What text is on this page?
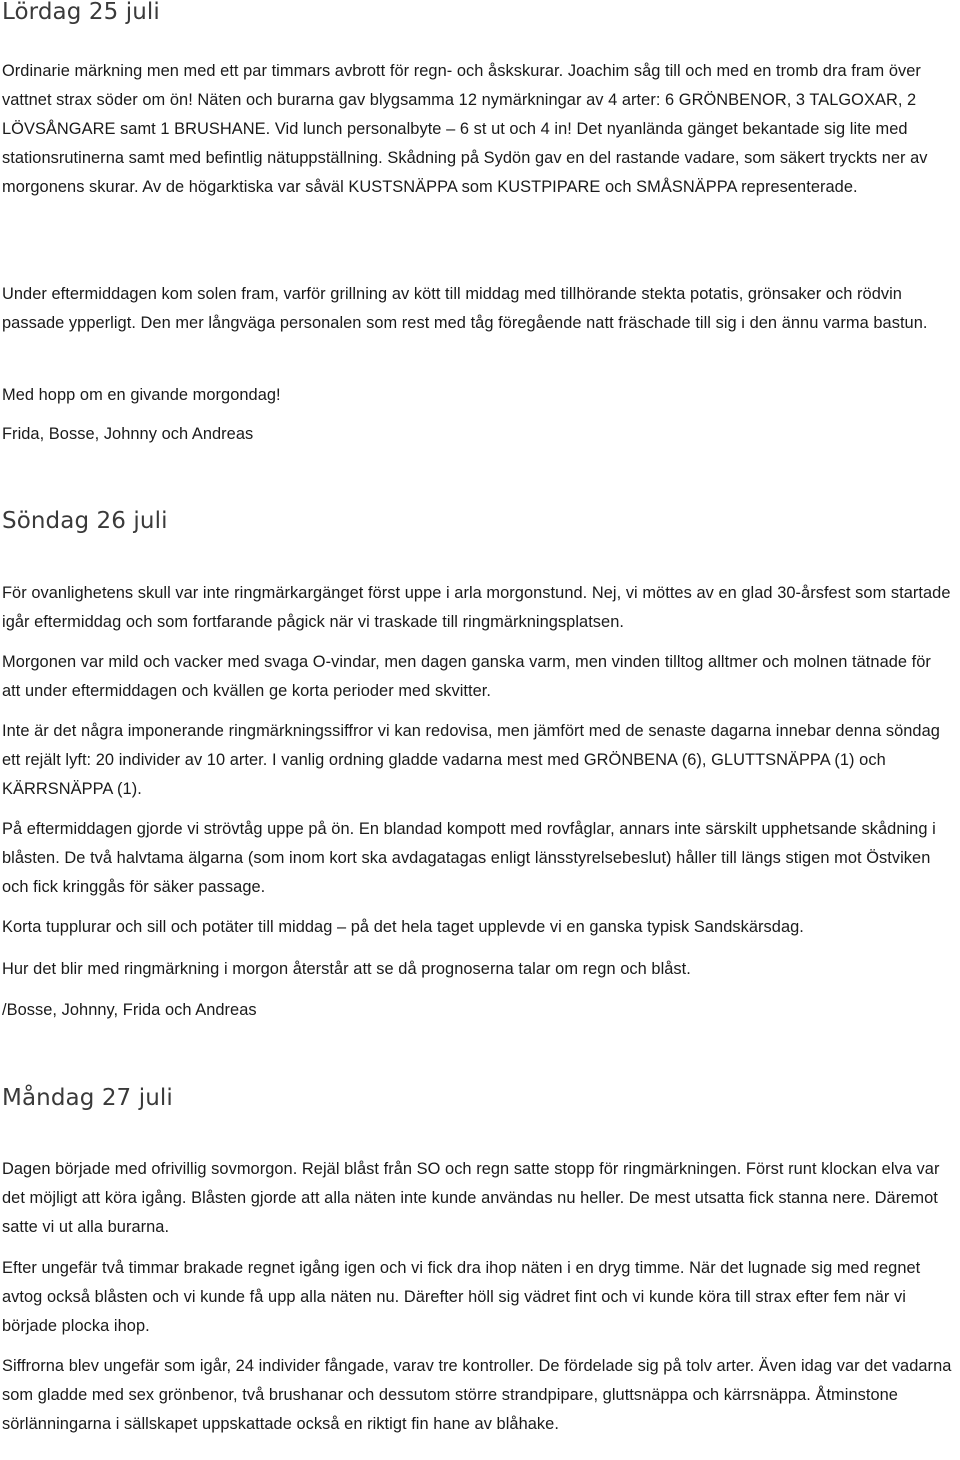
Lördag 25 juli

Ordinarie märkning men med ett par timmars avbrott för regn- och åskskurar. Joachim såg till och med en tromb dra fram över vattnet strax söder om ön! Näten och burarna gav blygsamma 12 nymärkningar av 4 arter: 6 GRÖNBENOR, 3 TALGOXAR, 2 LÖVSÅNGARE samt 1 BRUSHANE. Vid lunch personalbyte – 6 st ut och 4 in! Det nyanlända gänget bekantade sig lite med stationsrutinerna samt med befintlig nätuppställning. Skådning på Sydön gav en del rastande vadare, som säkert tryckts ner av morgonens skurar. Av de högarktiska var såväl KUSTSNÄPPA som KUSTPIPARE och SMÅSNÄPPA representerade.

Under eftermiddagen kom solen fram, varför grillning av kött till middag med tillhörande stekta potatis, grönsaker och rödvin passade ypperligt. Den mer långväga personalen som rest med tåg föregående natt fräschade till sig i den ännu varma bastun.

Med hopp om en givande morgondag!

Frida, Bosse, Johnny och Andreas

Söndag 26 juli

För ovanlighetens skull var inte ringmärkargänget först uppe i arla morgonstund. Nej, vi möttes av en glad 30-årsfest som startade igår eftermiddag och som fortfarande pågick när vi traskade till ringmärkningsplatsen.

Morgonen var mild och vacker med svaga O-vindar, men dagen ganska varm, men vinden tilltog alltmer och molnen tätnade för att under eftermiddagen och kvällen ge korta perioder med skvitter.

Inte är det några imponerande ringmärkningssiffror vi kan redovisa, men jämfört med de senaste dagarna innebar denna söndag ett rejält lyft: 20 individer av 10 arter. I vanlig ordning gladde vadarna mest med GRÖNBENA (6), GLUTTSNÄPPA (1) och KÄRRSNÄPPA (1).

På eftermiddagen gjorde vi strövtåg uppe på ön. En blandad kompott med rovfåglar, annars inte särskilt upphetsande skådning i blåsten. De två halvtama älgarna (som inom kort ska avdagatagas enligt länsstyrelsebeslut) håller till längs stigen mot Östviken och fick kringgås för säker passage.

Korta tupplurar och sill och potäter till middag – på det hela taget upplevde vi en ganska typisk Sandskärsdag.

Hur det blir med ringmärkning i morgon återstår att se då prognoserna talar om regn och blåst.

/Bosse, Johnny, Frida och Andreas

Måndag 27 juli

Dagen började med ofrivillig sovmorgon. Rejäl blåst från SO och regn satte stopp för ringmärkningen. Först runt klockan elva var det möjligt att köra igång. Blåsten gjorde att alla näten inte kunde användas nu heller. De mest utsatta fick stanna nere. Däremot satte vi ut alla burarna.

Efter ungefär två timmar brakade regnet igång igen och vi fick dra ihop näten i en dryg timme. När det lugnade sig med regnet avtog också blåsten och vi kunde få upp alla näten nu. Därefter höll sig vädret fint och vi kunde köra till strax efter fem när vi började plocka ihop.

Siffrorna blev ungefär som igår, 24 individer fångade, varav tre kontroller. De fördelade sig på tolv arter. Även idag var det vadarna som gladde med sex grönbenor, två brushanar och dessutom större strandpipare, gluttsnäppa och kärrsnäppa. Åtminstone sörlänningarna i sällskapet uppskattade också en riktigt fin hane av blåhake.
